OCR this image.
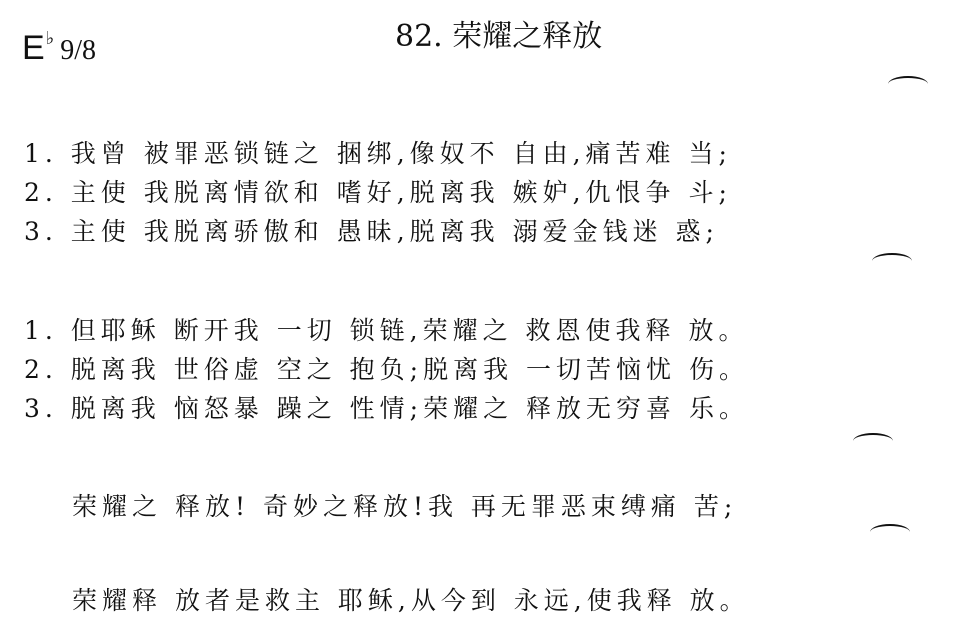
E♭ 9/8	82. 荣耀之释放

1. 我曾 被罪恶锁链之 捆绑,像奴不 自由,痛苦难 当;
2. 主使 我脱离情欲和 嗜好,脱离我 嫉妒,仇恨争 斗;
3. 主使 我脱离骄傲和 愚昧,脱离我 溺爱金钱迷 惑;

1. 但耶稣 断开我 一切 锁链,荣耀之 救恩使我释 放。
2. 脱离我 世俗虚 空之 抱负;脱离我 一切苦恼忧 伤。
3. 脱离我 恼怒暴 躁之 性情;荣耀之 释放无穷喜 乐。

荣耀之 释放! 奇妙之释放!我 再无罪恶束缚痛 苦;

荣耀释 放者是救主 耶稣,从今到 永远,使我释 放。
